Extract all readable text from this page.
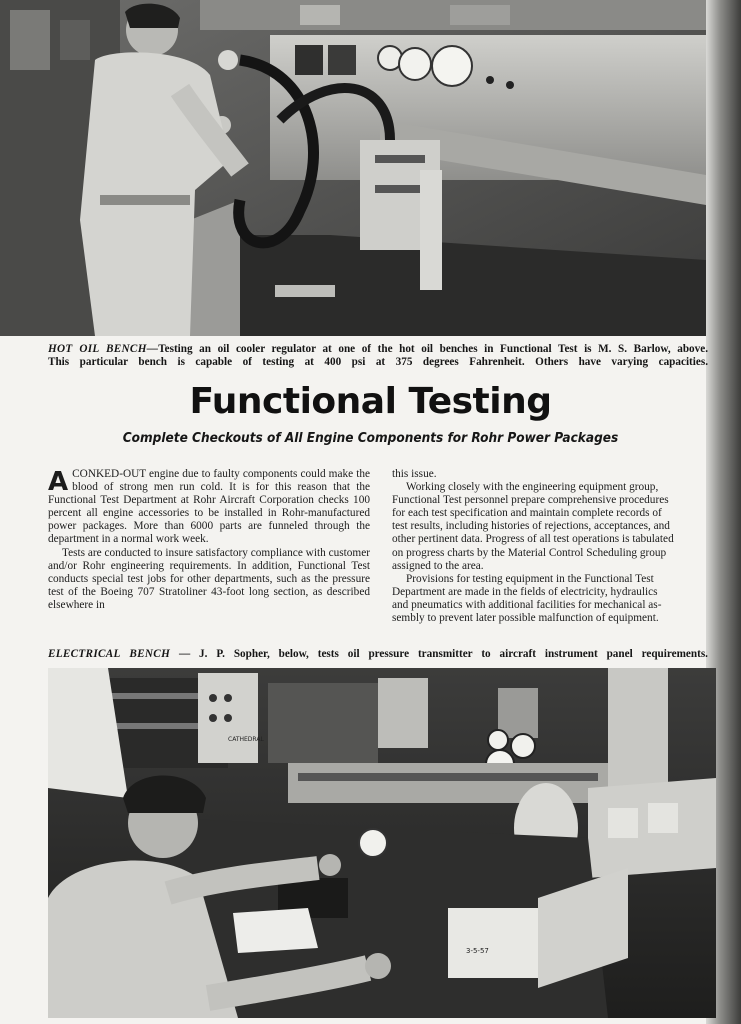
HOT OIL BENCH—Testing an oil cooler regulator at one of the hot oil benches in Functional Test is M. S. Barlow, above.
This particular bench is capable of testing at 400 psi at 375 degrees Fahrenheit. Others have varying capacities.
Functional Testing
Complete Checkouts of All Engine Components for Rohr Power Packages

ACONKED-OUT engine due to faulty components could make the blood of strong men run cold. It is for this reason that the Functional Test Department at Rohr Aircraft Corporation checks 100 percent all engine accessories to be installed in Rohr-manufactured power packages. More than 6000 parts are funneled through the department in a normal work week.

Tests are conducted to insure satisfactory compliance with customer and/or Rohr engineering requirements. In addition, Functional Test conducts special test jobs for other departments, such as the pressure test of the Boeing 707 Stratoliner 43-foot long section, as described elsewhere in

this issue.
Working closely with the engineering equipment group,
Functional Test personnel prepare comprehensive procedures
for each test specification and maintain complete records of
test results, including histories of rejections, acceptances, and
other pertinent data. Progress of all test operations is tabulated
on progress charts by the Material Control Scheduling group
assigned to the area.
Provisions for testing equipment in the Functional Test
Department are made in the fields of electricity, hydraulics
and pneumatics with additional facilities for mechanical as-
sembly to prevent later possible malfunction of equipment.
ELECTRICAL BENCH — J. P. Sopher, below, tests oil pressure transmitter to aircraft instrument panel requirements.
CATHEDRAL
3-5-57
